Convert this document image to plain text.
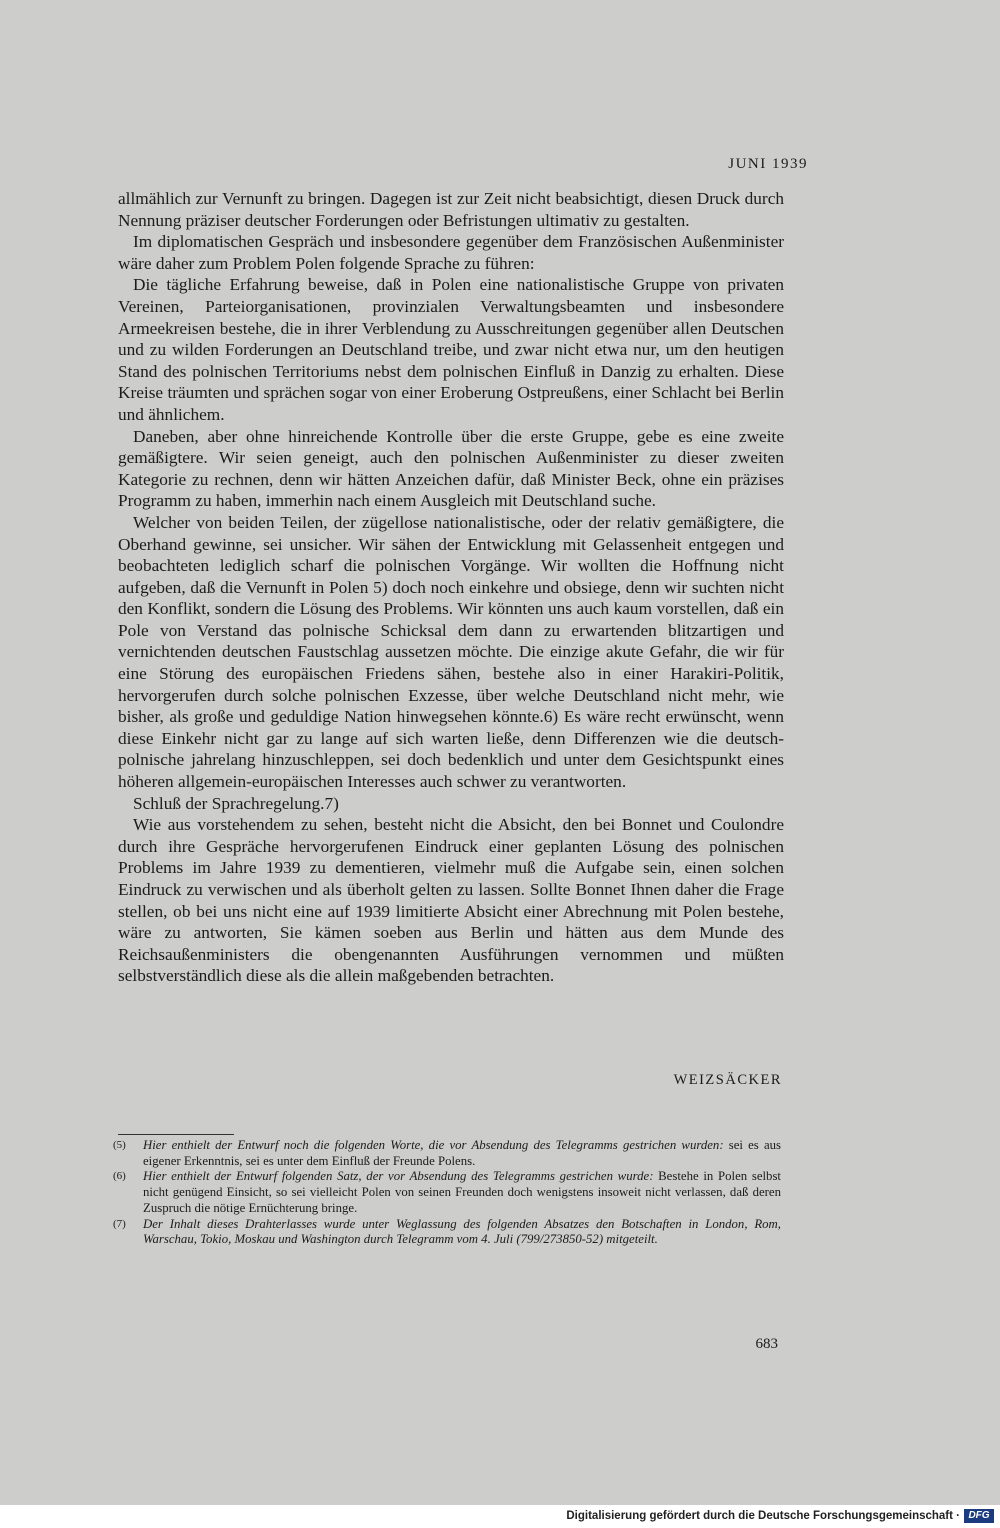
JUNI 1939

allmählich zur Vernunft zu bringen. Dagegen ist zur Zeit nicht beabsichtigt, diesen Druck durch Nennung präziser deutscher Forderungen oder Befristungen ultimativ zu gestalten.

Im diplomatischen Gespräch und insbesondere gegenüber dem Französischen Außenminister wäre daher zum Problem Polen folgende Sprache zu führen:

Die tägliche Erfahrung beweise, daß in Polen eine nationalistische Gruppe von privaten Vereinen, Parteiorganisationen, provinzialen Verwaltungsbeamten und insbesondere Armeekreisen bestehe, die in ihrer Verblendung zu Ausschreitungen gegenüber allen Deutschen und zu wilden Forderungen an Deutschland treibe, und zwar nicht etwa nur, um den heutigen Stand des polnischen Territoriums nebst dem polnischen Einfluß in Danzig zu erhalten. Diese Kreise träumten und sprächen sogar von einer Eroberung Ostpreußens, einer Schlacht bei Berlin und ähnlichem.

Daneben, aber ohne hinreichende Kontrolle über die erste Gruppe, gebe es eine zweite gemäßigtere. Wir seien geneigt, auch den polnischen Außenminister zu dieser zweiten Kategorie zu rechnen, denn wir hätten Anzeichen dafür, daß Minister Beck, ohne ein präzises Programm zu haben, immerhin nach einem Ausgleich mit Deutschland suche.

Welcher von beiden Teilen, der zügellose nationalistische, oder der relativ gemäßigtere, die Oberhand gewinne, sei unsicher. Wir sähen der Entwicklung mit Gelassenheit entgegen und beobachteten lediglich scharf die polnischen Vorgänge. Wir wollten die Hoffnung nicht aufgeben, daß die Vernunft in Polen 5) doch noch einkehre und obsiege, denn wir suchten nicht den Konflikt, sondern die Lösung des Problems. Wir könnten uns auch kaum vorstellen, daß ein Pole von Verstand das polnische Schicksal dem dann zu erwartenden blitzartigen und vernichtenden deutschen Faustschlag aussetzen möchte. Die einzige akute Gefahr, die wir für eine Störung des europäischen Friedens sähen, bestehe also in einer Harakiri-Politik, hervorgerufen durch solche polnischen Exzesse, über welche Deutschland nicht mehr, wie bisher, als große und geduldige Nation hinwegsehen könnte.6) Es wäre recht erwünscht, wenn diese Einkehr nicht gar zu lange auf sich warten ließe, denn Differenzen wie die deutsch-polnische jahrelang hinzuschleppen, sei doch bedenklich und unter dem Gesichtspunkt eines höheren allgemein-europäischen Interesses auch schwer zu verantworten.

Schluß der Sprachregelung.7)

Wie aus vorstehendem zu sehen, besteht nicht die Absicht, den bei Bonnet und Coulondre durch ihre Gespräche hervorgerufenen Eindruck einer geplanten Lösung des polnischen Problems im Jahre 1939 zu dementieren, vielmehr muß die Aufgabe sein, einen solchen Eindruck zu verwischen und als überholt gelten zu lassen. Sollte Bonnet Ihnen daher die Frage stellen, ob bei uns nicht eine auf 1939 limitierte Absicht einer Abrechnung mit Polen bestehe, wäre zu antworten, Sie kämen soeben aus Berlin und hätten aus dem Munde des Reichsaußenministers die obengenannten Ausführungen vernommen und müßten selbstverständlich diese als die allein maßgebenden betrachten.

WEIZSÄCKER
(5)	Hier enthielt der Entwurf noch die folgenden Worte, die vor Absendung des Telegramms gestrichen wurden: sei es aus eigener Erkenntnis, sei es unter dem Einfluß der Freunde Polens.
(6)	Hier enthielt der Entwurf folgenden Satz, der vor Absendung des Telegramms gestrichen wurde: Bestehe in Polen selbst nicht genügend Einsicht, so sei vielleicht Polen von seinen Freunden doch wenigstens insoweit nicht verlassen, daß deren Zuspruch die nötige Ernüchterung bringe.
(7)	Der Inhalt dieses Drahterlasses wurde unter Weglassung des folgenden Absatzes den Botschaften in London, Rom, Warschau, Tokio, Moskau und Washington durch Telegramm vom 4. Juli (799/273850-52) mitgeteilt.
683
Digitalisierung gefördert durch die Deutsche Forschungsgemeinschaft · DFG
